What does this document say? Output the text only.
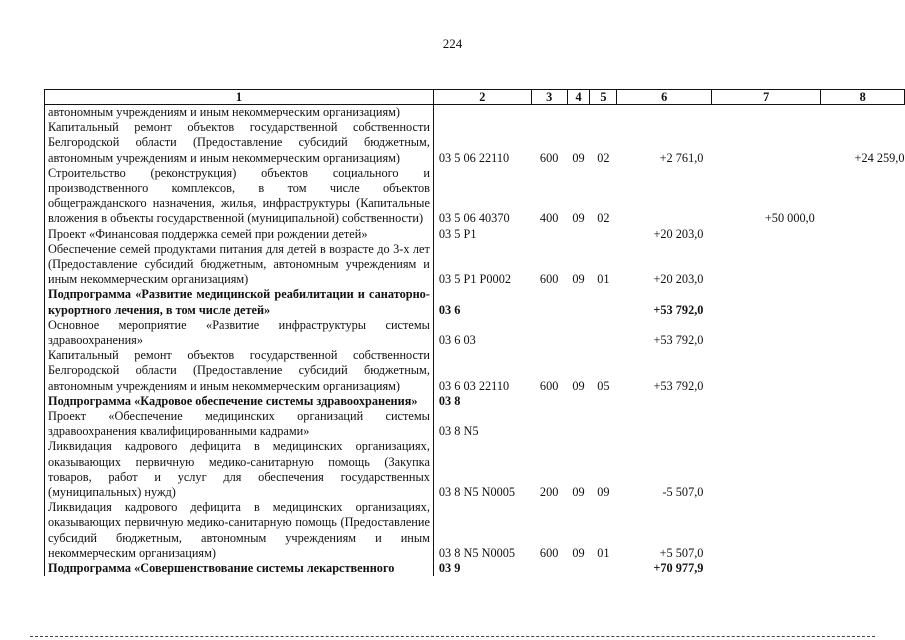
224
1	2	3	4	5	6	7	8
автономным учреждениям и иным некоммерческим организациям)							
Капитальный ремонт объектов государственной собственности Белгородской области (Предоставление субсидий бюджетным, автономным учреждениям и иным некоммерческим организациям)	03 5 06 22110	600	09	02	+2 761,0		+24 259,0
Строительство (реконструкция) объектов социального и производственного комплексов, в том числе объектов общегражданского назначения, жилья, инфраструктуры (Капитальные вложения в объекты государственной (муниципальной) собственности)	03 5 06 40370	400	09	02		+50 000,0	
Проект «Финансовая поддержка семей при рождении детей»	03 5 P1				+20 203,0		
Обеспечение семей продуктами питания для детей в возрасте до 3-х лет (Предоставление субсидий бюджетным, автономным учреждениям и иным некоммерческим организациям)	03 5 P1 P0002	600	09	01	+20 203,0		
Подпрограмма «Развитие медицинской реабилитации и санаторно-курортного лечения, в том числе детей»	03 6				+53 792,0		
Основное мероприятие «Развитие инфраструктуры системы здравоохранения»	03 6 03				+53 792,0		
Капитальный ремонт объектов государственной собственности Белгородской области (Предоставление субсидий бюджетным, автономным учреждениям и иным некоммерческим организациям)	03 6 03 22110	600	09	05	+53 792,0		
Подпрограмма «Кадровое обеспечение системы здравоохранения»	03 8						
Проект «Обеспечение медицинских организаций системы здравоохранения квалифицированными кадрами»	03 8 N5						
Ликвидация кадрового дефицита в медицинских организациях, оказывающих первичную медико-санитарную помощь (Закупка товаров, работ и услуг для обеспечения государственных (муниципальных) нужд)	03 8 N5 N0005	200	09	09	-5 507,0		
Ликвидация кадрового дефицита в медицинских организациях, оказывающих первичную медико-санитарную помощь (Предоставление субсидий бюджетным, автономным учреждениям и иным некоммерческим организациям)	03 8 N5 N0005	600	09	01	+5 507,0		
Подпрограмма «Совершенствование системы лекарственного	03 9				+70 977,9		
